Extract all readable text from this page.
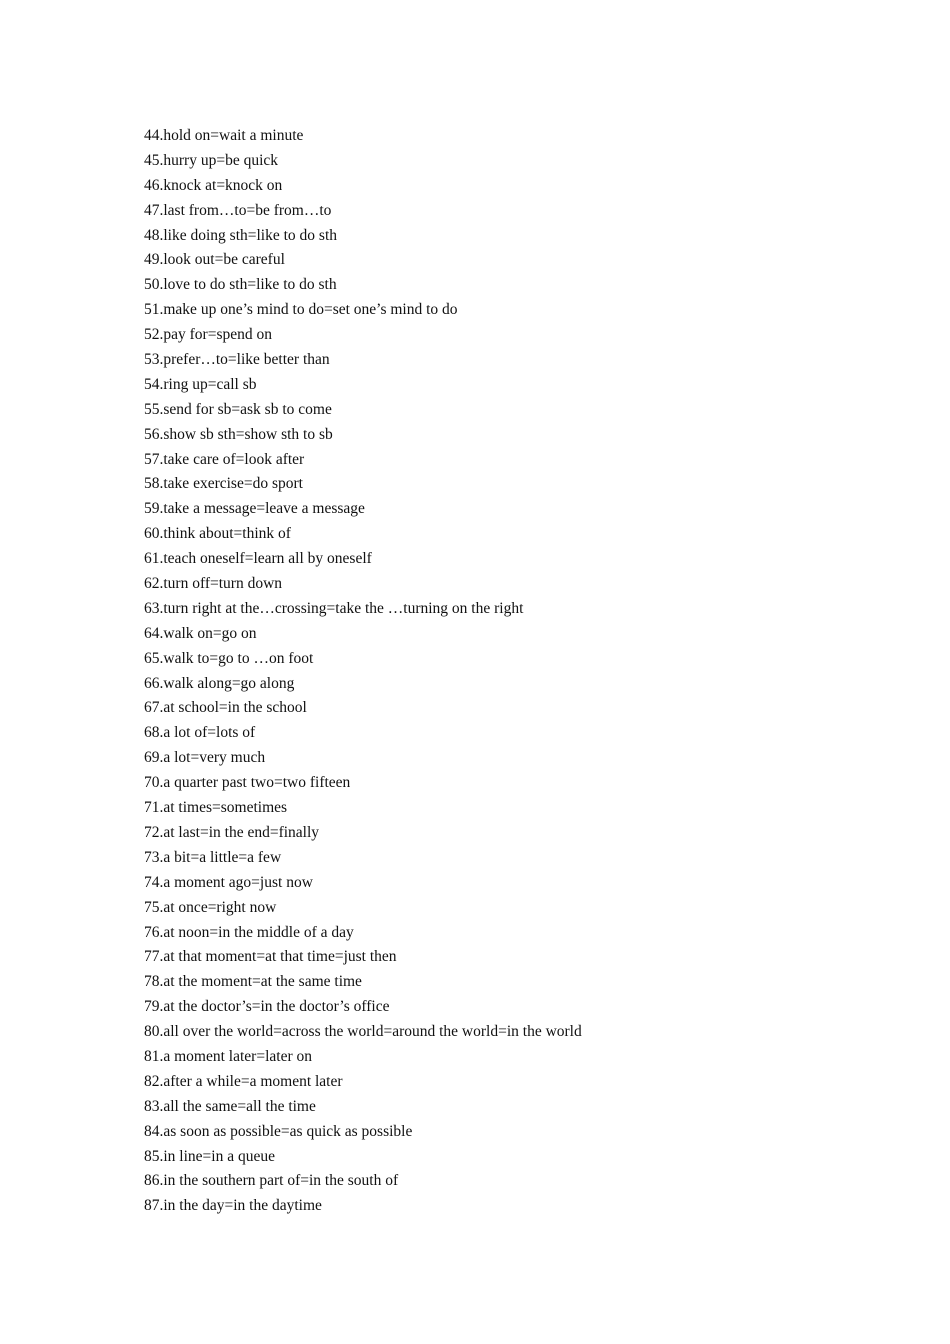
44.hold on=wait a minute
45.hurry up=be quick
46.knock at=knock on
47.last from…to=be from…to
48.like doing sth=like to do sth
49.look out=be careful
50.love to do sth=like to do sth
51.make up one’s mind to do=set one’s mind to do
52.pay for=spend on
53.prefer…to=like better than
54.ring up=call sb
55.send for sb=ask sb to come
56.show sb sth=show sth to sb
57.take care of=look after
58.take exercise=do sport
59.take a message=leave a message
60.think about=think of
61.teach oneself=learn all by oneself
62.turn off=turn down
63.turn right at the…crossing=take the …turning on the right
64.walk on=go on
65.walk to=go to …on foot
66.walk along=go along
67.at school=in the school
68.a lot of=lots of
69.a lot=very much
70.a quarter past two=two fifteen
71.at times=sometimes
72.at last=in the end=finally
73.a bit=a little=a few
74.a moment ago=just now
75.at once=right now
76.at noon=in the middle of a day
77.at that moment=at that time=just then
78.at the moment=at the same time
79.at the doctor’s=in the doctor’s office
80.all over the world=across the world=around the world=in the world
81.a moment later=later on
82.after a while=a moment later
83.all the same=all the time
84.as soon as possible=as quick as possible
85.in line=in a queue
86.in the southern part of=in the south of
87.in the day=in the daytime
